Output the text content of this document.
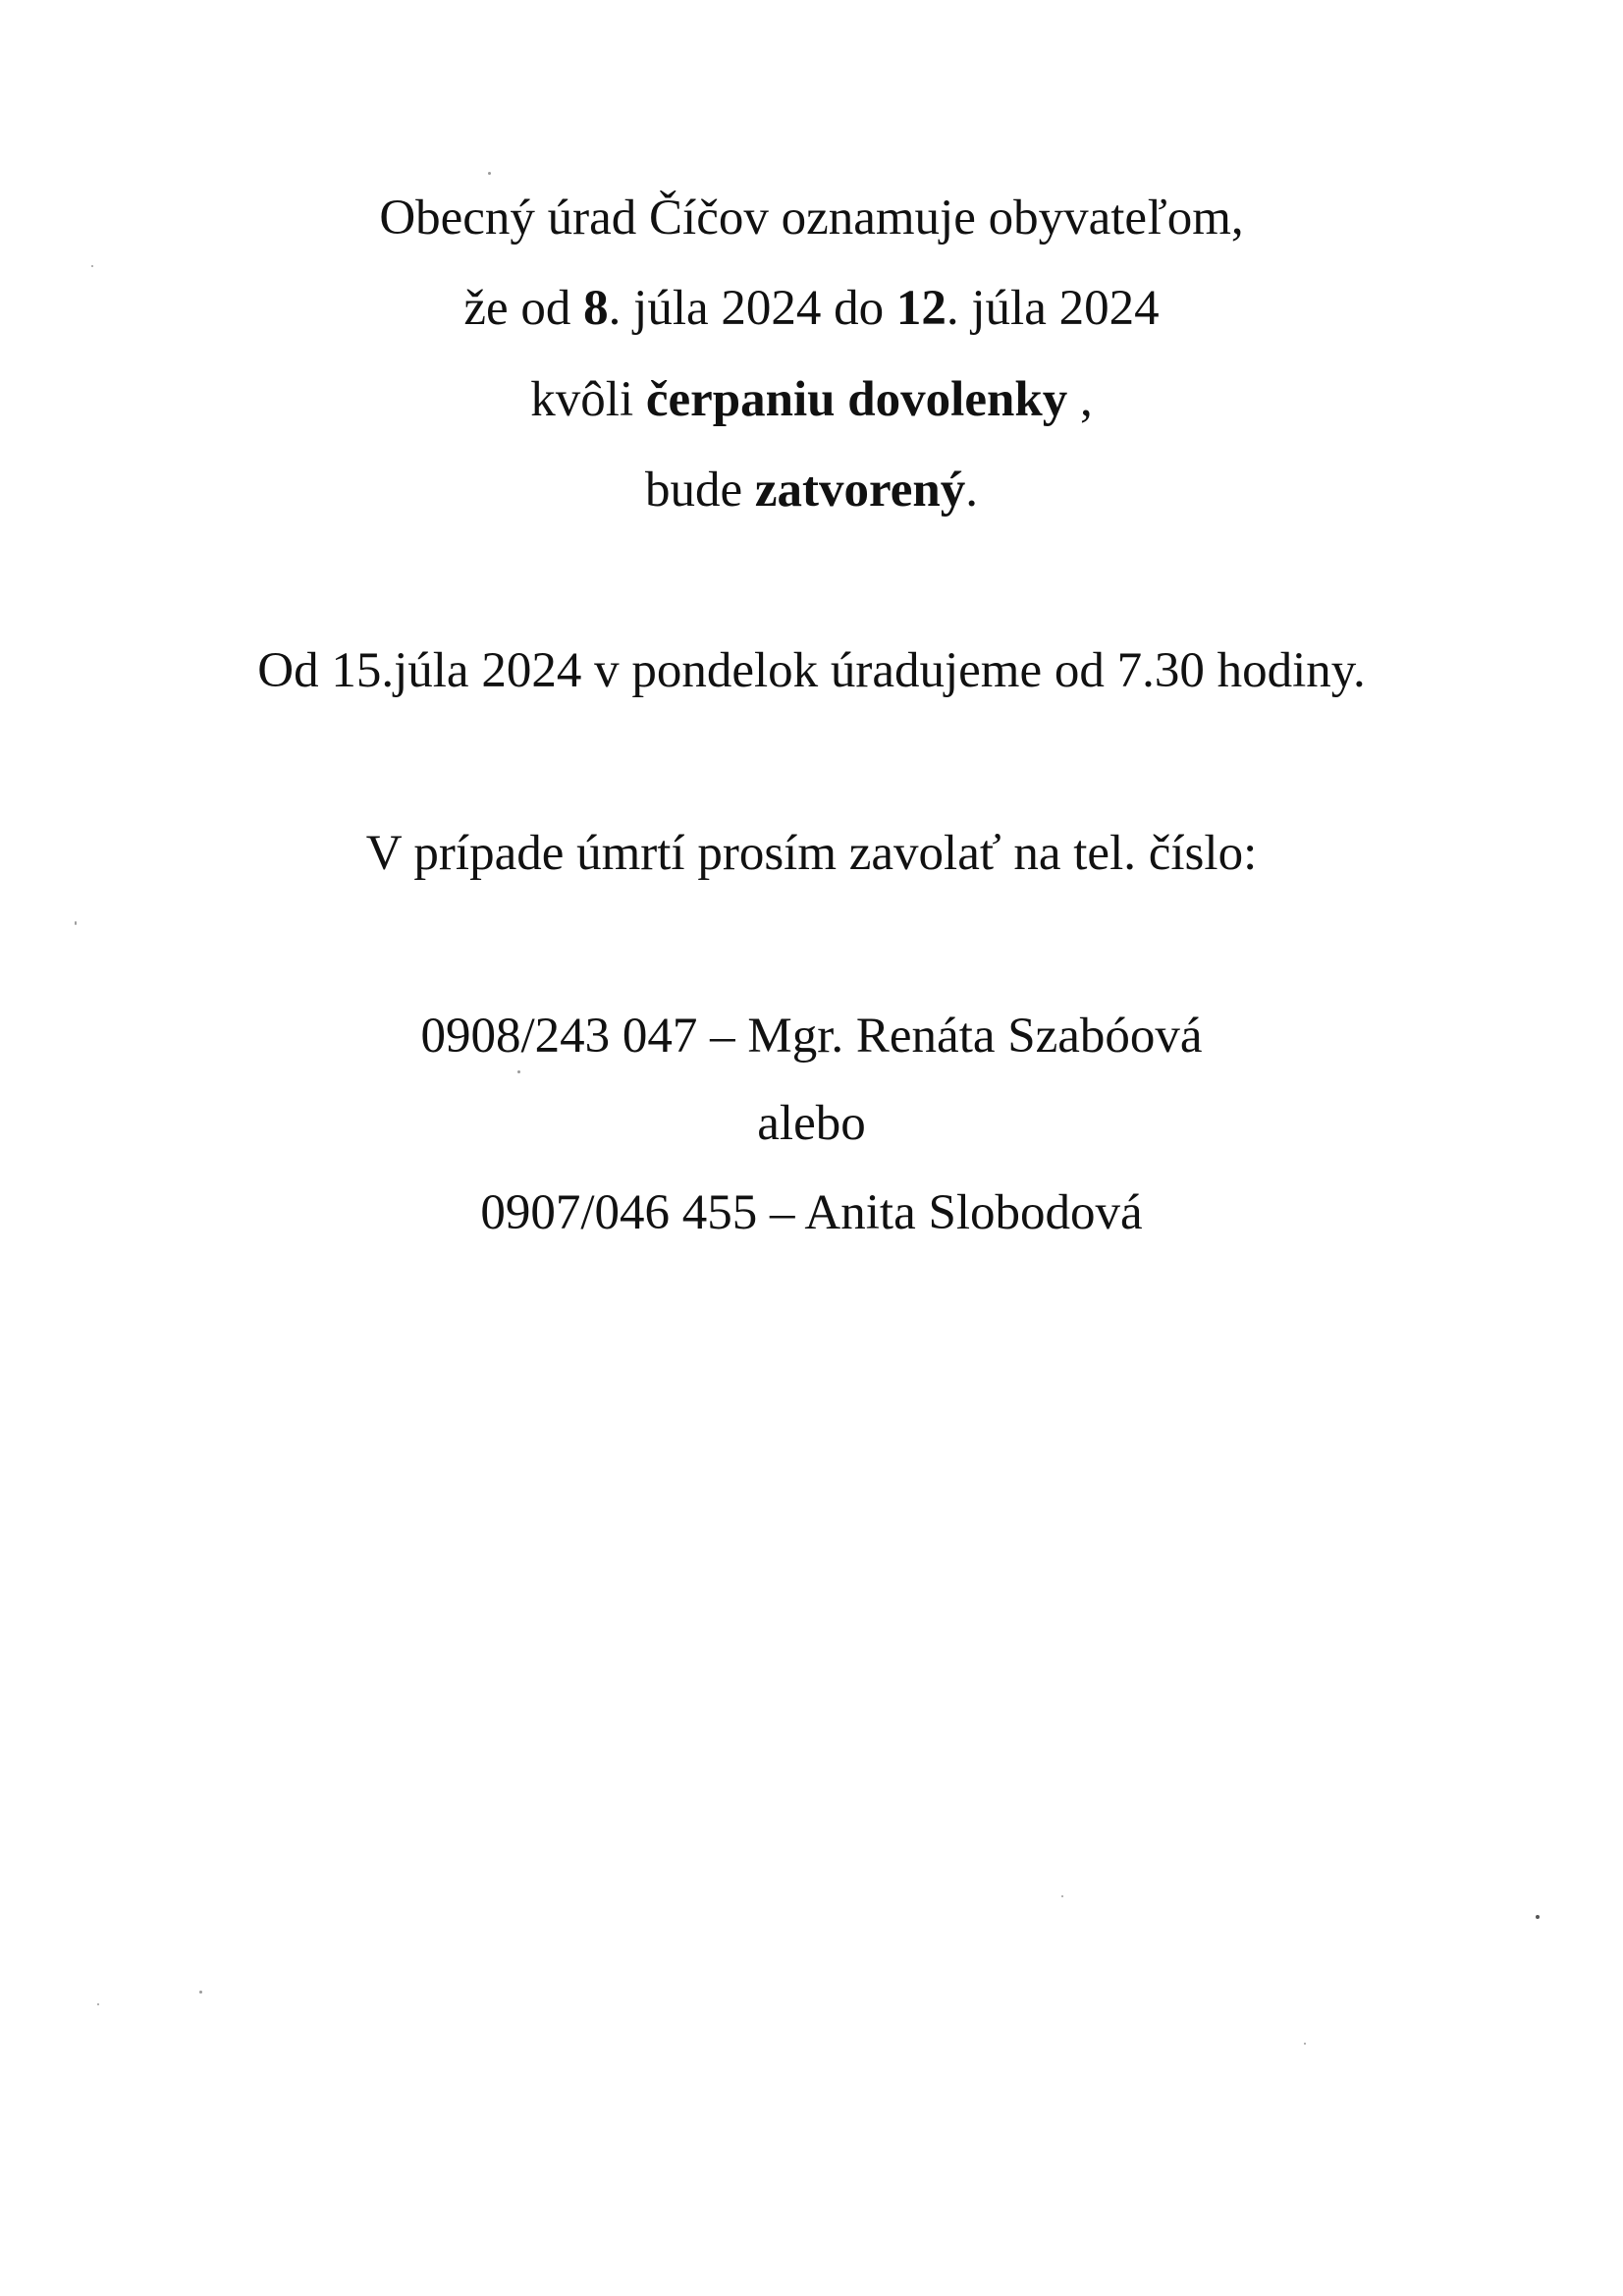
Obecný úrad Číčov oznamuje obyvateľom,
že od 8. júla 2024 do 12. júla 2024
kvôli čerpaniu dovolenky ,
bude zatvorený.
Od 15.júla 2024 v pondelok úradujeme od 7.30 hodiny.
V prípade úmrtí prosím zavolať na tel. číslo:
0908/243 047 – Mgr. Renáta Szabóová
alebo
0907/046 455 – Anita Slobodová
